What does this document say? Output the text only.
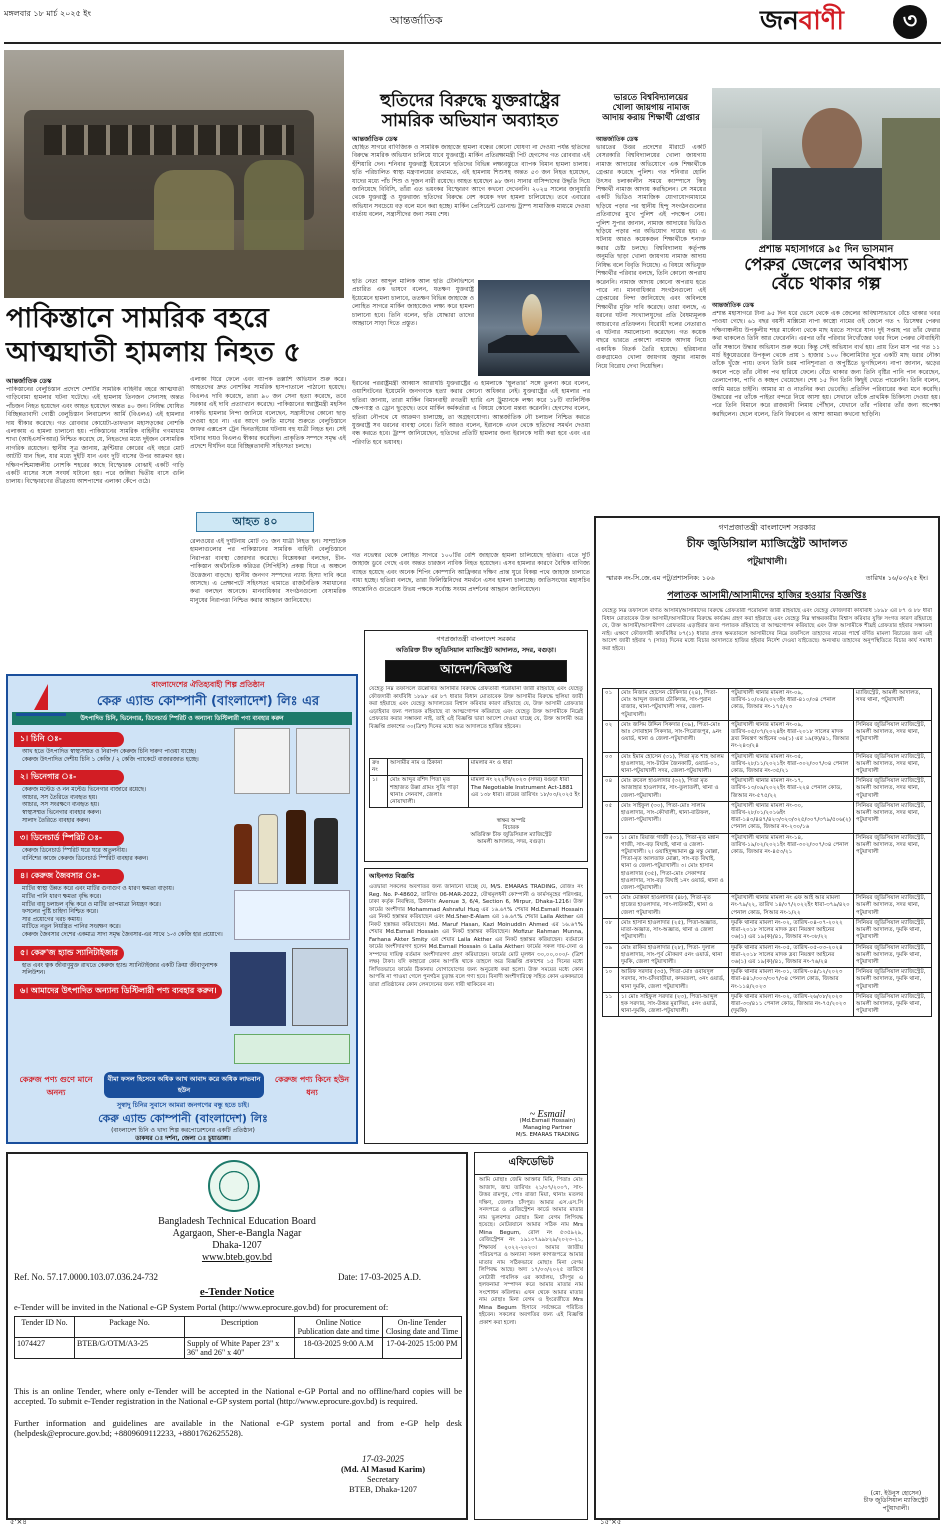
মঙ্গলবার ১৮ মার্চ ২০২৫ ইং
আন্তর্জাতিক	জনবাণী	৩
হুতিদের বিরুদ্ধে যুক্তরাষ্ট্রের
সামরিক অভিযান অব্যাহত
আন্তর্জাতিক ডেস্ক
হোহিত সাগরে বাণিজ্যিক ও সামরিক জাহাজে হামলা বন্ধের কোনো ঘোষণা না দেওয়া পর্যন্ত হুতিদের বিরুদ্ধে সামরিক অভিযান চালিয়ে যাবে যুক্তরাষ্ট্র। মার্কিন প্রতিরক্ষামন্ত্রী পিট হেগসেথ গত রোববার এই হুঁশিয়ারি দেন। শনিবার যুক্তরাষ্ট্র ইয়েমেনে হুতিদের বিভিন্ন লক্ষ্যবস্তুতে ব্যাপক বিমান হামলা চালায়। হুতি পরিচালিত স্বাস্থ্য মন্ত্রণালয়ের তথ্যমতে, এই হামলায় শিশুসহ অন্তত ৫৩ জন নিহত হয়েছেন, যাদের মধ্যে পাঁচ শিশু ও দুজন নারী রয়েছে। আহত হয়েছেন ৯৮ জন। সানার বাসিন্দাদের উদ্ধৃতি দিয়ে জানিয়েছে বিবিসি, তাঁরা এত ভয়ংকর বিস্ফোরণ আগে কখনো দেখেননি। ২০২৪ সালের জানুয়ারি থেকে যুক্তরাষ্ট্র ও যুক্তরাজ্য হুতিদের বিরুদ্ধে বেশ কয়েক দফা হামলা চালিয়েছে। তবে এবারের অভিযান সবচেয়ে বড় বলে মনে করা হচ্ছে। মার্কিন প্রেসিডেন্ট ডোনাল্ড ট্রাম্প সামাজিক মাধ্যমে দেওয়া বার্তায় বলেন, সন্ত্রাসীদের জন্য সময় শেষ।
হুতি নেতা আব্দুল মালিক আল হুতি টেলিভিশনে প্রচারিত এক ভাষণে বলেন, যতক্ষণ যুক্তরাষ্ট্র ইয়েমেনে হামলা চালাবে, ততক্ষণ বিভিন্ন জাহাজে ও লোহিত সাগরে মার্কিন জাহাজেও লক্ষ্য করে হামলা চালানো হবে। তিনি বলেন, হুতি যোদ্ধারা তাদের আহ্বানে সাড়া দিতে প্রস্তুত।
ইরানের পররাষ্ট্রমন্ত্রী আব্বাস আরাঘচি যুক্তরাষ্ট্রের এ হামলাকে ‘স্থূলতার’ সঙ্গে তুলনা করে বলেন, ওয়াশিংটনের ইয়েমেনি জনগণকে হত্যা করার কোনো অধিকার নেই। যুক্তরাষ্ট্রের এই হামলার পর হুতিরা জানায়, তারা মার্কিন বিমানবাহী রণতরী হ্যারি এস ট্রুম্যানকে লক্ষ্য করে ১৮টি ব্যালিস্টিক ক্ষেপণাস্ত্র ও ড্রোন ছুড়েছে। তবে মার্কিন কর্মকর্তারা এ বিষয়ে কোনো মন্তব্য করেননি। হেগসেথ বলেন, হুতিরা নৌপথে যে আক্রমণ চালাচ্ছে, তা অগ্রহণযোগ্য। আন্তর্জাতিক নৌ চলাচল নিশ্চিত করতে যুক্তরাষ্ট্র সব ধরনের ব্যবস্থা নেবে। তিনি আরও বলেন, ইরানকে এখন থেকে হুতিদের সমর্থন দেওয়া বন্ধ করতে হবে। ট্রাম্প জানিয়েছেন, হুতিদের প্রতিটি হামলার জন্য ইরানকে দায়ী করা হবে এবং এর পরিণতি হবে ভয়াবহ।
গত নভেম্বর থেকে লোহিত সাগরে ১০০টির বেশি জাহাজে হামলা চালিয়েছে হুতিরা। এতে দুটি জাহাজ ডুবে গেছে এবং অন্তত চারজন নাবিক নিহত হয়েছেন। এসব হামলার কারণে বৈশ্বিক বাণিজ্য ব্যাহত হয়েছে এবং অনেক শিপিং কোম্পানি আফ্রিকার দক্ষিণ প্রান্ত ঘুরে বিকল্প পথে জাহাজ চালাতে বাধ্য হচ্ছে। হুতিরা বলছে, তারা ফিলিস্তিনিদের সমর্থনে এসব হামলা চালাচ্ছে। জাতিসংঘের মহাসচিব আন্তোনিও গুতেরেস উভয় পক্ষকে সর্বোচ্চ সংযম প্রদর্শনের আহ্বান জানিয়েছেন।
ভারতে বিশ্ববিদ্যালয়ের
খোলা জায়গায় নামাজ
আদায় করায় শিক্ষার্থী গ্রেপ্তার
আন্তর্জাতিক ডেস্ক
ভারতের উত্তর প্রদেশের মীরাটে একটি বেসরকারি বিশ্ববিদ্যালয়ের খোলা জায়গায় নামাজ আদায়ের অভিযোগে এক শিক্ষার্থীকে গ্রেপ্তার করেছে পুলিশ। গত শনিবার হোলি উৎসব চলাকালীন সময়ে ক্যাম্পাসে কিছু শিক্ষার্থী নামাজ আদায় করছিলেন। সে সময়ের একটি ভিডিও সামাজিক যোগাযোগমাধ্যমে ছড়িয়ে পড়ার পর স্থানীয় হিন্দু সংগঠনগুলোর প্রতিবাদের মুখে পুলিশ এই পদক্ষেপ নেয়। পুলিশ সুপার জানান, নামাজ আদায়ের ভিডিও ছড়িয়ে পড়ার পর অভিযোগ দায়ের হয়। এ ঘটনায় আরও কয়েকজন শিক্ষার্থীকে শনাক্ত করার চেষ্টা চলছে। বিশ্ববিদ্যালয় কর্তৃপক্ষ অনুমতি ছাড়া খোলা জায়গায় নামাজ আদায় নিষিদ্ধ বলে বিবৃতি দিয়েছে। এ বিষয়ে অভিযুক্ত শিক্ষার্থীর পরিবার বলছে, তিনি কোনো অপরাধ করেননি। নামাজ আদায় কোনো অপরাধ হতে পারে না। মানবাধিকার সংগঠনগুলো এই গ্রেপ্তারের নিন্দা জানিয়েছে এবং অবিলম্বে শিক্ষার্থীর মুক্তি দাবি করেছে। তারা বলছে, এ ধরনের ঘটনা সংখ্যালঘুদের প্রতি বৈষম্যমূলক আচরণের প্রতিফলন। বিরোধী দলের নেতারাও এ ঘটনার সমালোচনা করেছেন। গত কয়েক বছরে ভারতে প্রকাশ্যে নামাজ আদায় নিয়ে একাধিক বিতর্ক তৈরি হয়েছে। হরিয়ানার গুরুগ্রামেও খোলা জায়গায় জুমার নামাজ নিয়ে বিরোধ দেখা দিয়েছিল।
প্রশান্ত মহাসাগরে ৯৫ দিন ভাসমান
পেরুর জেলের অবিশ্বাস্য
বেঁচে থাকার গল্প
আন্তর্জাতিক ডেস্ক
প্রশান্ত মহাসাগরে টানা ৯৫ দিন ধরে ভেসে থেকে এক জেলের অবিশ্বাস্যভাবে বেঁচে থাকার খবর পাওয়া গেছে। ৬১ বছর বয়সী মাক্সিমো নাপা কাস্ত্রো নামের ওই জেলে গত ৭ ডিসেম্বর পেরুর দক্ষিণাঞ্চলীয় উপকূলীয় শহর মার্কোনা থেকে মাছ ধরতে সাগরে যান। দুই সপ্তাহ পর তাঁর ফেরার কথা থাকলেও তিনি আর ফেরেননি। এরপর তাঁর পরিবার নিখোঁজের খবর দিলে পেরুর নৌবাহিনী তাঁর সন্ধানে উদ্ধার অভিযান শুরু করে। কিন্তু সেই অভিযান ব্যর্থ হয়। প্রায় তিন মাস পর গত ১১ মার্চ ইকুয়েডরের উপকূল থেকে প্রায় ১ হাজার ১০০ কিলোমিটার দূরে একটি মাছ ধরার নৌকা তাঁকে খুঁজে পায়। তখন তিনি চরম পানিশূন্যতা ও অপুষ্টিতে ভুগছিলেন। নাপা জানান, ঝড়ের কবলে পড়ে তাঁর নৌকা পথ হারিয়ে ফেলে। বেঁচে থাকার জন্য তিনি বৃষ্টির পানি পান করেছেন, তেলাপোকা, পাখি ও কচ্ছপ খেয়েছেন। শেষ ১৫ দিন তিনি কিছুই খেতে পারেননি। তিনি বলেন, আমি মরতে চাইনি। আমার মা ও নাতনির কথা ভেবেছি। প্রতিদিন পরিবারের কথা মনে করেছি। উদ্ধারের পর তাঁকে পাইতা বন্দরে নিয়ে আসা হয়। সেখানে তাঁকে প্রাথমিক চিকিৎসা দেওয়া হয়। পরে তিনি বিমানে করে রাজধানী লিমায় পৌঁছান, যেখানে তাঁর পরিবার তাঁর জন্য অপেক্ষা করছিলেন। ছেলে বলেন, তিনি ফিরবেন এ আশা আমরা কখনো ছাড়িনি।
পাকিস্তানে সামরিক বহরে
আত্মঘাতী হামলায় নিহত ৫
আন্তর্জাতিক ডেস্ক
পাকিস্তানের বেলুচিস্তান প্রদেশে দেশটির সামরিক বাহিনীর বহরে আত্মঘাতী গাড়িবোমা হামলার ঘটনা ঘটেছে। এই হামলায় তিনজন সেনাসহ অন্তত পাঁচজন নিহত হয়েছেন এবং আহত হয়েছেন অন্তত ৪০ জন। নিষিদ্ধ ঘোষিত বিচ্ছিন্নতাবাদী গোষ্ঠী বেলুচিস্তান লিবারেশন আর্মি (বিএলএ) এই হামলার দায় স্বীকার করেছে। গত রোববার কোয়েটা-তাফতান মহাসড়কের নোশকি এলাকায় এ হামলা চালানো হয়। পাকিস্তানের সামরিক বাহিনীর গণমাধ্যম শাখা (আইএসপিআর) নিশ্চিত করেছে যে, নিহতদের মধ্যে দুইজন বেসামরিক নাগরিক রয়েছেন। স্থানীয় সূত্র জানায়, ফ্রন্টিয়ার কোরের এই বহরে মোট আটটি যান ছিল, যার মধ্যে দুইটি যান এবং দুটি বাসের উপর আক্রমণ হয়। দক্ষিণপশ্চিমাঞ্চলীয় নোশকি শহরের কাছে বিস্ফোরক বোঝাই একটি গাড়ি একটি বাসের সঙ্গে সংঘর্ষ ঘটানো হয়। পরে জঙ্গিরা দ্বিতীয় বাসে গুলি চালায়। বিস্ফোরণের তীব্রতায় আশপাশের এলাকা কেঁপে ওঠে।
এলাকা ঘিরে ফেলে এবং ব্যাপক তল্লাশি অভিযান শুরু করে। আহতদের দ্রুত নোশকির সামরিক হাসপাতালে পাঠানো হয়েছে। বিএলএ দাবি করেছে, তারা ৯০ জন সেনা হত্যা করেছে, তবে সরকার এই দাবি প্রত্যাখ্যান করেছে। পাকিস্তানের স্বরাষ্ট্রমন্ত্রী মহসিন নাকভি হামলার নিন্দা জানিয়ে বলেছেন, সন্ত্রাসীদের কোনো ছাড় দেওয়া হবে না। এর আগে চলতি মাসের শুরুতে বেলুচিস্তানে জাফর এক্সপ্রেস ট্রেন ছিনতাইয়ের ঘটনায় বহু যাত্রী নিহত হন। সেই ঘটনার দায়ও বিএলএ স্বীকার করেছিল। প্রাকৃতিক সম্পদে সমৃদ্ধ এই প্রদেশে দীর্ঘদিন ধরে বিচ্ছিন্নতাবাদী সহিংসতা চলছে।
আহত ৪০
রেলওয়ের এই দুর্ঘটনায় মোট ৩১ জন যাত্রী নিহত হন। সাম্প্রতিক হামলাগুলোর পর পাকিস্তানের সামরিক বাহিনী বেলুচিস্তানে নিরাপত্তা ব্যবস্থা জোরদার করেছে। বিশ্লেষকরা বলছেন, চীন-পাকিস্তান অর্থনৈতিক করিডর (সিপিইসি) প্রকল্প ঘিরে এ অঞ্চলে উত্তেজনা বাড়ছে। স্থানীয় জনগণ সম্পদের ন্যায্য হিস্যা দাবি করে আসছে। এ প্রেক্ষাপটে সহিংসতা থামাতে রাজনৈতিক সমাধানের কথা বলছেন অনেকে। মানবাধিকার সংগঠনগুলো বেসামরিক মানুষের নিরাপত্তা নিশ্চিত করার আহ্বান জানিয়েছে।
বাংলাদেশের ঐতিহ্যবাহী শিল্প প্রতিষ্ঠান
কেরু এ্যান্ড কোম্পানী (বাংলাদেশ) লিঃ এর
উৎপাদিত চিনি, ভিনেগার, ডিনেচার্ড স্পিরিট ও অন্যান্য ডিস্টিলারী পণ্য ব্যবহার করুন
১। চিনি ঃ-
আখ হতে উৎপাদিত স্বাস্থ্যসম্মত ও নিরাপদ কেরুজ চিনি দারুণ পাওয়া যাচ্ছে।
কেরুজ উৎপাদিত দেশীয় চিনি ১ কেজি / ২ কেজি প্যাকেটে বাজারজাত হচ্ছে।
২। ভিনেগার ঃ-
কেরুজ মল্টেড ও নন মল্টেড ভিনেগার বাজারে রয়েছে।
আচার, সস তৈরিতে ব্যবহৃত হয়।
আচার, সস সংরক্ষণে ব্যবহৃত হয়।
স্বাস্থ্যসম্মত ভিনেগার ব্যবহার করুন।
সালাদ তৈরিতে ব্যবহার করুন।
৩। ডিনেচার্ড স্পিরিট ঃ-
কেরুজ ডিনেচার্ড স্পিরিট ঘরে ঘরে অতুলনীয়।
বার্নিশের কাজে কেরুজ ডিনেচার্ড স্পিরিট ব্যবহার করুন।
৪। কেরুজ জৈবসার ঃ-
মাটির স্বাস্থ্য উন্নত করে এবং মাটির গুণাগুণ ও ধারণ ক্ষমতা বাড়ায়।
মাটির পানি ধারণ ক্ষমতা বৃদ্ধি করে।
মাটির বায়ু চলাচল বৃদ্ধি করে ও মাটির তাপমাত্রা নিয়ন্ত্রণ করে।
ফসলের পুষ্টি চাহিদা নিশ্চিত করে।
সার প্রয়োগের খরচ কমায়।
মাটিতে নতুন নিয়ন্ত্রিত পানির সংরক্ষণ করে।
কেরুজ জৈবসার দেশের একমাত্র সাদা সমৃদ্ধ জৈবসার-এর সাথে ১-৩ কেজি হার প্রয়োগে।
৫। কেরু'জ হ্যান্ড স্যানিটাইজার
হাত এবং ত্বক জীবাণুমুক্ত রাখতে কেরুজ হ্যান্ড স্যানিটাইজার একটি ক্রিয়া জীবাণুনাশক সলিউশন।
৬। আমাদের উৎপাদিত অন্যান্য ডিস্টিলারী পণ্য ব্যবহার করুন।
কেরুজ পণ্য গুণে মানে অনন্য
বীমা ফসল হিসেবে অধিক আখ আবাদ করে অধিক লাভবান হউন
কেরুজ পণ্য কিনে হউন ধন্য
সুস্বাদু চিনির সুবাসে আমরা জনগণের বন্ধু হতে চাই।
কেরু এ্যান্ড কোম্পানী (বাংলাদেশ) লিঃ
(বাংলাদেশ চিনি ও খাদ্য শিল্প করপোরেশনের একটি প্রতিষ্ঠান)
ডাকঘর ঃ দর্শনা, জেলা ঃ চুয়াডাঙ্গা।
গণপ্রজাতন্ত্রী বাংলাদেশ সরকার
অতিরিক্ত চীফ জুডিসিয়াল ম্যাজিস্ট্রেট আদালত, সদর, বগুড়া।
আদেশ/বিজ্ঞপ্তি
যেহেতু নিম্ন তফসিলে উল্লেখিত আসামীর বিরুদ্ধে গ্রেফতারী পরোয়ানা জারী রহিয়াছে এবং যেহেতু ফৌজদারী কার্যবিধি ১৮৯৮ এর ৮৭ ধারার বিধান মোতাবেক উক্ত আসামীর বিরুদ্ধে হুলিয়া জারী করা হইয়াছে এবং যেহেতু আদালতের বিশ্বাস করিবার কারণ রহিয়াছে যে, উক্ত আসামী গ্রেফতার এড়াইবার জন্য পলাতক রহিয়াছে বা আত্মগোপন করিয়াছে এবং যেহেতু উক্ত আসামীকে নিম্নেই প্রেফতার করার সম্ভাবনা নাই, তাই এই বিজ্ঞপ্তি দ্বারা আদেশ দেওয়া যাচ্ছে যে, উক্ত আসামী অত্র বিজ্ঞপ্তি প্রকাশের ৩০(ত্রিশ) দিনের মধ্যে অত্র আদালতে হাজির হইবেন।
ক্রঃ নং	আসামীর নাম ও ঠিকানা	মামলার নং ও ধারা
১।	মোঃ আব্দুর রশিদ পিতা মৃত শাহাজত উল্লা গ্রামঃ সুতি পাড়া থানাঃ সেনবাগ, জেলাঃ নোয়াখালী।	মামলা নং ২২২সি/২০২৩ (সদর) বগুড়া ধারা The Negotiable Instrument Act-1881 এর ১৩৮ ধারা। রায়ের তারিখঃ ১৮/০৩/২০২৫ ইং
স্বাক্ষর অস্পষ্ট
বিচারক
অতিরিক্ত চীফ জুডিসিয়াল ম্যাজিস্ট্রেট
আমলী আদালত, সদর, বগুড়া।
আইনগত বিজ্ঞপ্তি
এতদ্বারা সকলের অবগতির জন্য জানানো যাচ্ছে যে, M/S. EMARAS TRADING, রেজিঃ নং Reg. No. P-48602, তারিখঃ 06-MAR-2022, যৌথমূলধনী কোম্পানী ও ফার্মসমূহের পরিদপ্তর, ঢাকা কর্তৃক নিবন্ধিত, ঠিকানাঃ Avenue 3, 6/4, Section 6, Mirpur, Dhaka-1216। উক্ত ফার্মের অংশীদার Mohammad Ashraful Huq এর ১৬.৬৭% শেয়ার Md.Esmail Hossain এর নিকট হস্তান্তর করিয়াছেন এবং Md.Sher-E-Alam এর ১৬.৬৭% শেয়ার Laila Akther এর নিকট হস্তান্তর করিয়াছেন। Md. Maruf Hasan, Kazi Moinuddin Ahmed এর ১৬.৬৭% শেয়ার Md.Esmail Hossain এর নিকট হস্তান্তর করিয়াছেন। Mofizur Rahman Munna, Farhana Akter Smity এর শেয়ার Laila Akther এর নিকট হস্তান্তর করিয়াছেন। বর্তমানে ফার্মের অংশীদারগণ হলেন Md.Esmail Hossain ও Laila Akther। ফার্মের সকল দায়-দেনা ও সম্পদের দায়িত্ব বর্তমান অংশীদারগণ গ্রহণ করিয়াছেন। ফার্মের মোট মূলধন ৩০,০০,০০০/- (ত্রিশ লক্ষ) টাকা। যদি কাহারো কোন আপত্তি থাকে তাহলে অত্র বিজ্ঞপ্তি প্রকাশের ১৫ দিনের মধ্যে লিখিতভাবে ফার্মের ঠিকানায় যোগাযোগের জন্য অনুরোধ করা হলো। উক্ত সময়ের মধ্যে কোন আপত্তি না পাওয়া গেলে পুনর্গঠন চূড়ান্ত বলে গণ্য হবে। বিনাদী অংশীদারিত্বে সহিত কোন এককভাবে তারা প্রতিষ্ঠানের কোন লেনদেনের জন্য দায়ী থাকিবেন না।
~ Esmail
(Md.Esmail Hossain)
Managing Partner
M/S. EMARAS TRADING
এফিডেভিট
আমি মোছাঃ জেমি আক্তার মিমি, পিতাঃ মোঃ আজাদ, জন্ম তারিখঃ ২১/০৭/২০০৭, সাং- উত্তর রামপুর, পোঃ রাজা মিয়া, থানাঃ মতলব দক্ষিণ, জেলাঃ চাঁদপুর। আমার এস.এস.সি সনদপত্রে ও রেজিস্ট্রেশন কার্ডে আমার মাতার নাম ভুলবশত মোছাঃ মিনা বেগম লিপিবদ্ধ হয়েছে। মোটরযানে আমার সঠিক নাম Mrs Mina Begum, রোল নং ৫৩৫৯২৯, রেজিস্ট্রেশন নং ১৯১০৭৯৯৮২৯/২০২৩-২১, শিক্ষাবর্ষ ২০২২-২০২৩। আমার জাতীয় পরিচয়পত্র ও অন্যান্য সকল কাগজপত্রে আমার মাতার নাম সঠিকভাবে মোছাঃ মিনা বেগম লিপিবদ্ধ আছে। অদ্য ১৭/০৩/২০২৫ তারিখে নোটারী পাবলিক এর কার্যালয়, চাঁদপুর এ হলফনামা সম্পাদন করে আমার মাতার নাম সংশোধন করিলাম। এখন থেকে আমার মাতার নাম মোছাঃ মিনা বেগম ও ইংরেজীতে Mrs Mina Begum হিসাবে সর্বক্ষেত্রে পরিচিত হইবেন। সকলের অবগতির জন্য এই বিজ্ঞপ্তি প্রকাশ করা হলো।
Bangladesh Technical Education Board
Agargaon, Sher-e-Bangla Nagar
Dhaka-1207
www.bteb.gov.bd
Ref. No. 57.17.0000.103.07.036.24-732	Date: 17-03-2025 A.D.
e-Tender Notice
e-Tender will be invited in the National e-GP System Portal (http://www.eprocure.gov.bd) for procurement of:
Tender ID No.	Package No.	Description	Online Notice Publication date and time	On-line Tender Closing date and Time
1074427	BTEB/G/OTM/A3-25	Supply of White Paper 23" x 36" and 26" x 40"	18-03-2025 9:00 A.M	17-04-2025 15:00 PM
This is an online Tender, where only e-Tender will be accepted in the National e-GP Portal and no offline/hard copies will be accepted. To submit e-Tender registration in the National e-GP system portal (http://www.eprocure.gov.bd) is required.
Further information and guidelines are available in the National e-GP system portal and from e-GP help desk (helpdesk@eprocure.gov.bd; +8809609112233, +8801762625528).
17-03-2025
(Md. Al Masud Karim)
Secretary
BTEB, Dhaka-1207
গণপ্রজাতন্ত্রী বাংলাদেশ সরকার
চীফ জুডিসিয়াল ম্যাজিস্ট্রেট আদালত
পটুয়াখালী।
স্মারক নং-সি.জে.এম পটু/প্রশাসনিক: ১০৬	তারিখঃ ১৬/০৩/২৫ ইং।
পলাতক আসামী/আসামীদের হাজির হওয়ার বিজ্ঞপ্তিঃ
যেহেতু নিম্ন তফসিলে বর্ণিত আসামী/আসামীদের বিরুদ্ধে গ্রেফতারী পরোয়ানা জারী রহিয়াছে এবং যেহেতু ফৌজদারী কার্যবিধি ১৮৯৮ এর ৮৭ ও ৮৮ ধারা বিধান মোতাবেক উক্ত আসামী/আসামীদের বিরুদ্ধে কার্যক্রম গ্রহণ করা হইয়াছে এবং যেহেতু নিম্ন স্বাক্ষরকারীর বিশ্বাস করিবার যুক্তি সংগত কারণ রহিয়াছে যে, উক্ত আসামী/আসামীগণ গ্রেফতার এড়াইবার জন্য পলাতক রহিয়াছে বা আত্মগোপন করিয়াছে এবং উক্ত আসামীকে শীঘ্রই গ্রেফতার হইবার সম্ভাবনা নাই। এক্ষণে ফৌজদারী কার্যবিধির ৮৭(১) ধারার প্রদত্ত ক্ষমতাবলে আসামীদের নিম্নে তফসিলে তাহাদের নামের পার্শ্বে বর্ণিত মামলা বিচারের জন্য এই আদেশ জারী হইবার ৭ (সাত) দিনের মধ্যে বিচার আদালতে হাজির হইবার নির্দেশ দেওয়া যাইতেছে। অন্যথায় তাহাদের অনুপস্থিতিতে বিচার কার্য সমাধা করা হইবে।
০১	মোঃ নিজাম হোসেন চৌকিদার (২৪), পিতা-মোঃ আব্দুল জব্বার চৌকিদার, সাং-পুরান বাজার, থানা-পটুয়াখালী সদর, জেলা-পটুয়াখালী।	পটুয়াখালী থানার মামলা নং-০৯, তারিখ-১০/০৪/২০২৩ইং ধারা-৪১০/৩৪ পেনাল কোড, জিআর নং-১৭৫/২৩	ম্যাজিস্ট্রেট, আমলী আদালত, সদর থানা, পটুয়াখালী
০২	মোঃ জসিম উদ্দিন সিকদার (৩৯), পিতা-মোঃ আঃ সোবাহান সিকদার, সাং-পিরোজপুর, ৯নং ওয়ার্ড, থানা ও জেলা-পটুয়াখালী।	পটুয়াখালী থানার মামলা নং-০৯, তারিখ-০৫/০৭/২০২৪ইং ধারা-২০১৮ সালের মাদক দ্রব্য নিয়ন্ত্রণ আইনের ৩৬(১) এর ১৯(ক)/৪১, জিআর নং-২৪৩/২৪	সিনিয়র জুডিসিয়াল ম্যাজিস্ট্রেট, আমলী আদালত, সদর থানা, পটুয়াখালী
০৩	মোঃ ইমাম হোসেন (৩১), পিতা মৃত শাহ আলম হাওলাদার, সাং-টাউন জৈনকাটি, ওয়ার্ড-০১, থানা-পটুয়াখালী সদর, জেলা-পটুয়াখালী।	পটুয়াখালী থানার মামলা নং-৩৫, তারিখ-২৮/১১/২০২১ইং ধারা-৩০২/৩০৭/৩৪ পেনাল কোড, জিআর নং-৩৫/২১	সিনিয়র জুডিসিয়াল ম্যাজিস্ট্রেট, আমলী আদালত, সদর থানা, পটুয়াখালী
০৪	মোঃ রুবেল হাওলাদার (৩২), পিতা মৃত আজাহার হাওলাদার, সাং-তুলাতলী, থানা ও জেলা-পটুয়াখালী।	পটুয়াখালী থানার মামলা নং-১৭, তারিখ-১৩/০৯/২০২২ইং ধারা-২২৪ পেনাল কোড, জিআর নং-৫৭৫/২২	সিনিয়র জুডিসিয়াল ম্যাজিস্ট্রেট, আমলী আদালত, সদর থানা, পটুয়াখালী
০৫	মোঃ সাইফুল (৩০), পিতা-মোঃ সালাম হাওলাদার, সাং-কৌখালী, থানা-বাউফল, জেলা-পটুয়াখালী।	পটুয়াখালী থানার মামলা নং-৩০, তারিখ-২৮/০১/২০১৬ইং ধারা-১৪৩/৪৪৭/৪২৩/৩২৩/৩২৫/৩০৭/৩৭৯/৫০৬(২) পেনাল কোড, জিআর নং-২৩০/১৬	সিনিয়র জুডিসিয়াল ম্যাজিস্ট্রেট, আমলী আদালত, সদর থানা, পটুয়াখালী
০৬	১। মোঃ রিয়াজ গাজী (৩১), পিতা-মৃত মন্নান গাজী, সাং-বড় বিঘাই, থানা ও জেলা-পটুয়াখালী। ২। ওয়াহিদুজ্জামান @ মন্তু মোল্লা, পিতা-মৃত আলতাফ মোল্লা, সাং-বড় বিঘাই, থানা ও জেলা-পটুয়াখালী। ৩। মোঃ হাসান হাওলাদার (৩৫), পিতা-মোঃ সেকান্দার হাওলাদার, সাং-বড় বিঘাই ১নং ওয়ার্ড, থানা ও জেলা-পটুয়াখালী।	পটুয়াখালী থানার মামলা নং-১৪, তারিখ-১৯/০২/২০২১ইং ধারা-৩০২/৩০৭/৩৪ পেনাল কোড, জিআর নং-৪৫৩/২১	সিনিয়র জুডিসিয়াল ম্যাজিস্ট্রেট, আমলী আদালত, সদর থানা, পটুয়াখালী
০৭	মোঃ মোস্তফা হাওলাদার (৪৮), পিতা-মৃত হাজের হাওলাদার, সাং-লাউকাঠী, থানা ও জেলা পটুয়াখালী।	পটুয়াখালী থানার মামলা নং এফ আই আর মামলা নং-৭৯/২২, তারিখ ১৪/০৭/২০২২ইং ধারা-৩৭৯/৪২০ পেনাল কোড, সিআর নং-১/২২	সিনিয়র জুডিসিয়াল ম্যাজিস্ট্রেট, আমলী আদালত, সদর থানা, পটুয়াখালী
০৮	মোঃ হাসান হাওলাদার (২৫), পিতা-অজ্ঞাত, মাতা-অজ্ঞাত, সাং-অজ্ঞাত, থানা ও জেলা পটুয়াখালী।	দুমকি থানার মামলা নং-০২, তারিখ-০৪-০৭-২০২২ ধারা-২০১৮ সালের মাদক দ্রব্য নিয়ন্ত্রণ আইনের ৩৬(১) এর ১৯(ক)/৪১, জিআর নং-৩৮/২২	সিনিয়র জুডিসিয়াল ম্যাজিস্ট্রেট, আমলী আদালত, দুমকি থানা, পটুয়াখালী
০৯	মোঃ রাকিব হাওলাদার (২৮), পিতা- দুলাল হাওলাদার, সাং-পূর্ব মৌকরণ ৫নং ওয়ার্ড, থানা দুমকি, জেলা পটুয়াখালী।	দুমকি থানার মামলা নং-০৫, তারিখ-০৫-০৩-২০২৪ ধারা-২০১৮ সালের মাদক দ্রব্য নিয়ন্ত্রণ আইনের ৩৬(১) এর ১৯(ক)/৪১, জিআর নং-৭৬/২৪	সিনিয়র জুডিসিয়াল ম্যাজিস্ট্রেট, আমলী আদালত, দুমকি থানা, পটুয়াখালী
১০	আরিফ সরদার (৩৫), পিতা-মোঃ ওবায়দুল সরদার, সাং-চাঁদবাড়ীয়া, কদমতলা, ৩নং ওয়ার্ড, থানা দুমকি, জেলা পটুয়াখালী।	দুমকি থানার মামলা নং-০১, তারিখ-০৪/১২/২০২৩ ধারা-৪৪১/৩০৩/৩০৭/৩৪ পেনাল কোড, জিআর নং-১১৪/২০২৩	সিনিয়র জুডিসিয়াল ম্যাজিস্ট্রেট, আমলী আদালত, দুমকি থানা, পটুয়াখালী
১১	১। মোঃ সাইফুল সরদার (২৩), পিতা-আব্দুল হক সরদার, সাং-উত্তর মুরাদিয়া, ৫নং ওয়ার্ড, থানা-দুমকি, জেলা-পটুয়াখালী।	দুমকি থানার মামলা নং-০২, তারিখ-২৬/০৮/২০২৩ ধারা-৩৩/৪১১ পেনাল কোড, জিআর নং-৭৫/২০২৩ (দুমকি)	সিনিয়র জুডিসিয়াল ম্যাজিস্ট্রেট, আমলী আদালত, দুমকি থানা, পটুয়াখালী
(মো. ইউনুস হোসেন)
চীফ জুডিসিয়াল ম্যাজিস্ট্রেট
পটুয়াখালী।
৫'×৪	১৫'×৫
